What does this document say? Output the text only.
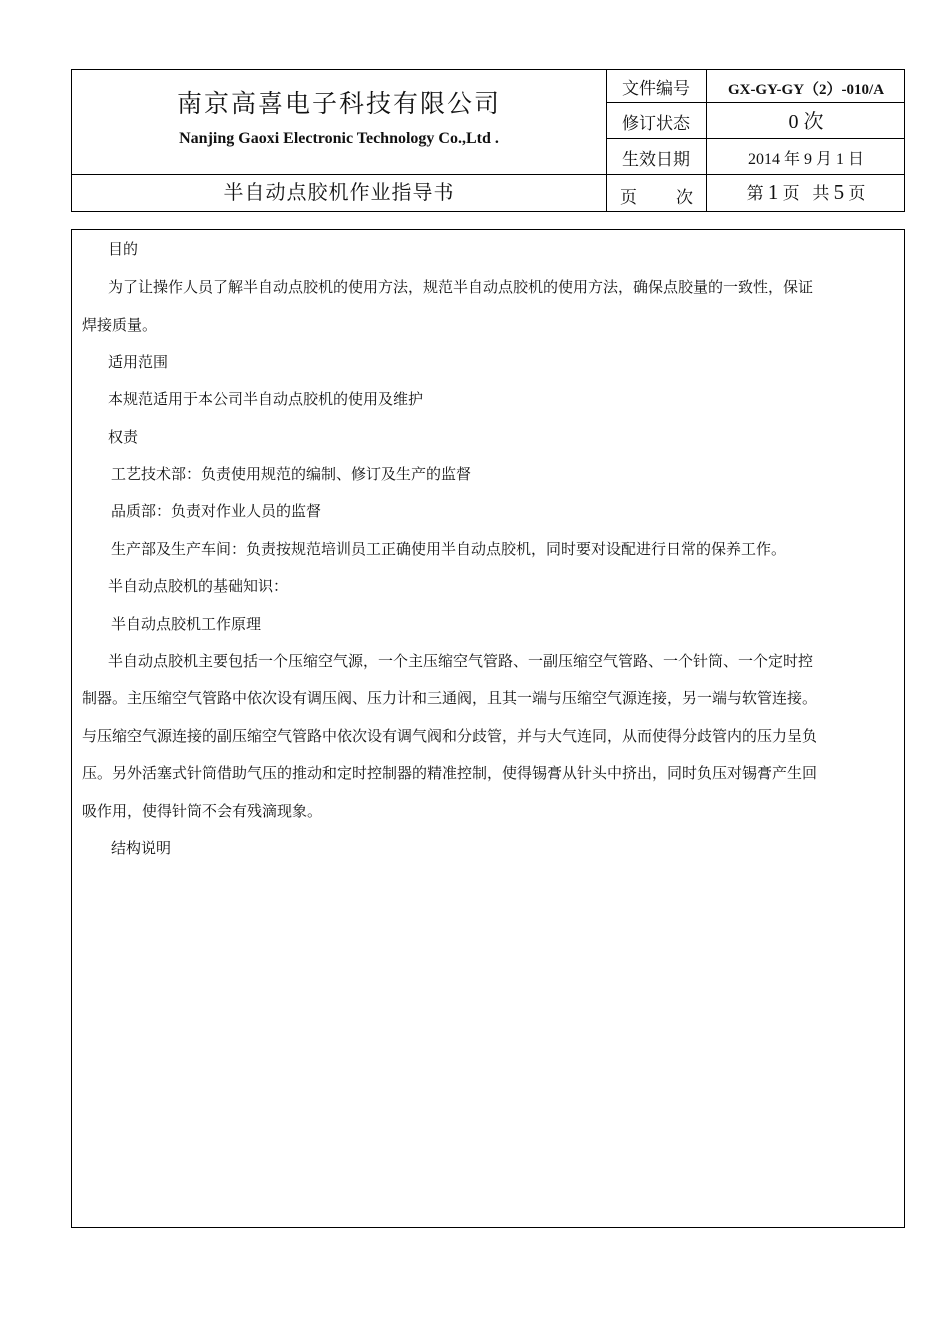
南京高喜电子科技有限公司
Nanjing Gaoxi Electronic Technology Co.,Ltd .
半自动点胶机作业指导书
文件编号	GX-GY-GY（2）-010/A
修订状态	0 次
生效日期	2014 年 9 月 1 日
页 次	第 1 页 共 5 页
目的
为了让操作人员了解半自动点胶机的使用方法，规范半自动点胶机的使用方法，确保点胶量的一致性，保证
焊接质量。
适用范围
本规范适用于本公司半自动点胶机的使用及维护
权责
工艺技术部：负责使用规范的编制、修订及生产的监督
品质部：负责对作业人员的监督
生产部及生产车间：负责按规范培训员工正确使用半自动点胶机，同时要对设配进行日常的保养工作。
半自动点胶机的基础知识：
半自动点胶机工作原理
半自动点胶机主要包括一个压缩空气源，一个主压缩空气管路、一副压缩空气管路、一个针筒、一个定时控
制器。主压缩空气管路中依次设有调压阀、压力计和三通阀，且其一端与压缩空气源连接，另一端与软管连接。
与压缩空气源连接的副压缩空气管路中依次设有调气阀和分歧管，并与大气连同，从而使得分歧管内的压力呈负
压。另外活塞式针筒借助气压的推动和定时控制器的精准控制，使得锡膏从针头中挤出，同时负压对锡膏产生回
吸作用，使得针筒不会有残滴现象。
结构说明
